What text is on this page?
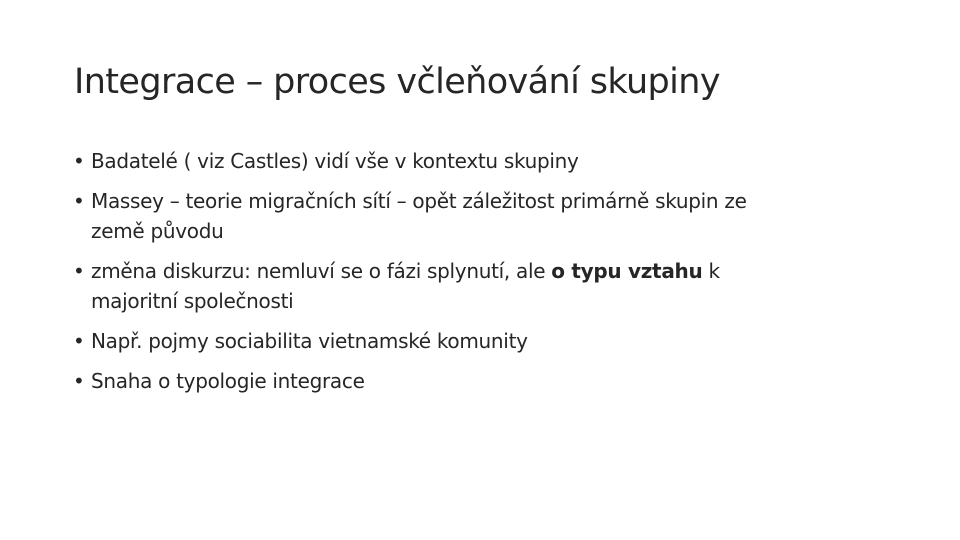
Integrace – proces včleňování skupiny
• Badatelé ( viz Castles) vidí vše v kontextu skupiny
• Massey – teorie migračních sítí – opět záležitost primárně skupin ze
země původu
• změna diskurzu: nemluví se o fázi splynutí, ale o typu vztahu k
majoritní společnosti
• Např. pojmy sociabilita vietnamské komunity
• Snaha o typologie integrace
